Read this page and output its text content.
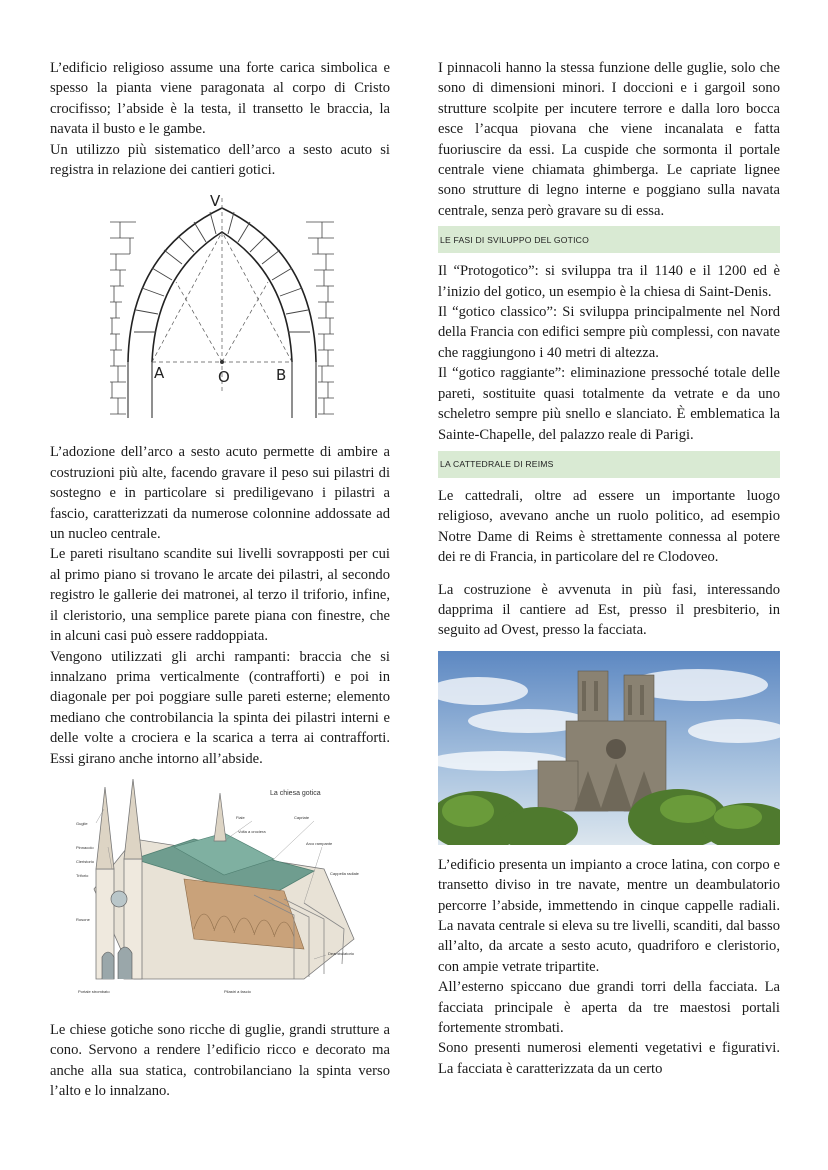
L’edificio religioso assume una forte carica simbolica e spesso la pianta viene paragonata al corpo di Cristo crocifisso; l’abside è la testa, il transetto le braccia, la navata il busto e le gambe.

Un utilizzo più sistematico dell’arco a sesto acuto si registra in relazione dei cantieri gotici.

V
A	O	B

L’adozione dell’arco a sesto acuto permette di ambire a costruzioni più alte, facendo gravare il peso sui pilastri di sostegno e in particolare si prediligevano i pilastri a fascio, caratterizzati da numerose colonnine addossate ad un nucleo centrale.

Le pareti risultano scandite sui livelli sovrapposti per cui al primo piano si trovano le arcate dei pilastri, al secondo registro le gallerie dei matronei, al terzo il triforio, infine, il cleristorio, una semplice parete piana con finestre, che in alcuni casi può essere raddoppiata.

Vengono utilizzati gli archi rampanti: braccia che si innalzano prima verticalmente (contrafforti) e poi in diagonale per poi poggiare sulle pareti esterne; elemento mediano che controbilancia la spinta dei pilastri interni e delle volte a crociera e la scarica a terra ai contrafforti. Essi girano anche intorno all’abside.

La chiesa gotica
Guglie
Pinnacolo
Cleristorio
Triforio
Rosone
Portale strombato
Fiale
Volta a crociera
Capriate
Arco rampante
Cappella radiale
Deambulatorio
Pilastri a fascio

Le chiese gotiche sono ricche di guglie, grandi strutture a cono. Servono a rendere l’edificio ricco e decorato ma anche alla sua statica, controbilanciano la spinta verso l’alto e lo innalzano.

I pinnacoli hanno la stessa funzione delle guglie, solo che sono di dimensioni minori. I doccioni e i gargoil sono strutture scolpite per incutere terrore e dalla loro bocca esce l’acqua piovana che viene incanalata e fatta fuoriuscire da essi. La cuspide che sormonta il portale centrale viene chiamata ghimberga. Le capriate lignee sono strutture di legno interne e poggiano sulla navata centrale, senza però gravare su di essa.

LE FASI DI SVILUPPO DEL GOTICO

Il “Protogotico”: si sviluppa tra il 1140 e il 1200 ed è l’inizio del gotico, un esempio è la chiesa di Saint-Denis.

Il “gotico classico”: Si sviluppa principalmente nel Nord della Francia con edifici sempre più complessi, con navate che raggiungono i 40 metri di altezza.

Il “gotico raggiante”: eliminazione pressoché totale delle pareti, sostituite quasi totalmente da vetrate e da uno scheletro sempre più snello e slanciato. È emblematica la Sainte-Chapelle, del palazzo reale di Parigi.

LA CATTEDRALE DI REIMS

Le cattedrali, oltre ad essere un importante luogo religioso, avevano anche un ruolo politico, ad esempio Notre Dame di Reims è strettamente connessa al potere dei re di Francia, in particolare del re Clodoveo.

La costruzione è avvenuta in più fasi, interessando dapprima il cantiere ad Est, presso il presbiterio, in seguito ad Ovest, presso la facciata.

L’edificio presenta un impianto a croce latina, con corpo e transetto diviso in tre navate, mentre un deambulatorio percorre l’abside, immettendo in cinque cappelle radiali. La navata centrale si eleva su tre livelli, scanditi, dal basso all’alto, da arcate a sesto acuto, quadriforo e cleristorio, con ampie vetrate tripartite.

All’esterno spiccano due grandi torri della facciata. La facciata principale è aperta da tre maestosi portali fortemente strombati.

Sono presenti numerosi elementi vegetativi e figurativi. La facciata è caratterizzata da un certo
